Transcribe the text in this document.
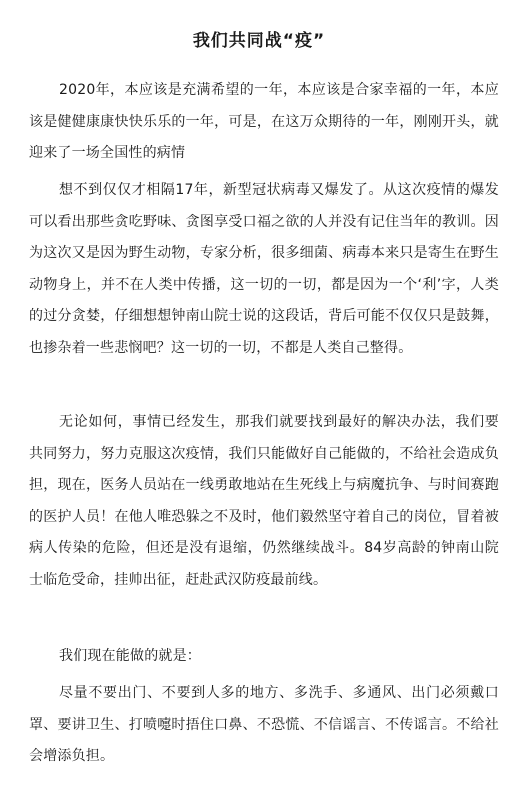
我们共同战“疫”

2020年，本应该是充满希望的一年，本应该是合家幸福的一年，本应该是健健康康快快乐乐的一年，可是，在这万众期待的一年，刚刚开头，就迎来了一场全国性的病情

想不到仅仅才相隔17年，新型冠状病毒又爆发了。从这次疫情的爆发可以看出那些贪吃野味、贪图享受口福之欲的人并没有记住当年的教训。因为这次又是因为野生动物，专家分析，很多细菌、病毒本来只是寄生在野生动物身上，并不在人类中传播，这一切的一切，都是因为一个‘利’字，人类的过分贪婪，仔细想想钟南山院士说的这段话，背后可能不仅仅只是鼓舞，也掺杂着一些悲悯吧？这一切的一切，不都是人类自己整得。

无论如何，事情已经发生，那我们就要找到最好的解决办法，我们要共同努力，努力克服这次疫情，我们只能做好自己能做的，不给社会造成负担，现在，医务人员站在一线勇敢地站在生死线上与病魔抗争、与时间赛跑的医护人员！在他人唯恐躲之不及时，他们毅然坚守着自己的岗位，冒着被病人传染的危险，但还是没有退缩，仍然继续战斗。84岁高龄的钟南山院士临危受命，挂帅出征，赶赴武汉防疫最前线。

我们现在能做的就是：

尽量不要出门、不要到人多的地方、多洗手、多通风、出门必须戴口罩、要讲卫生、打喷嚏时捂住口鼻、不恐慌、不信谣言、不传谣言。不给社会增添负担。
